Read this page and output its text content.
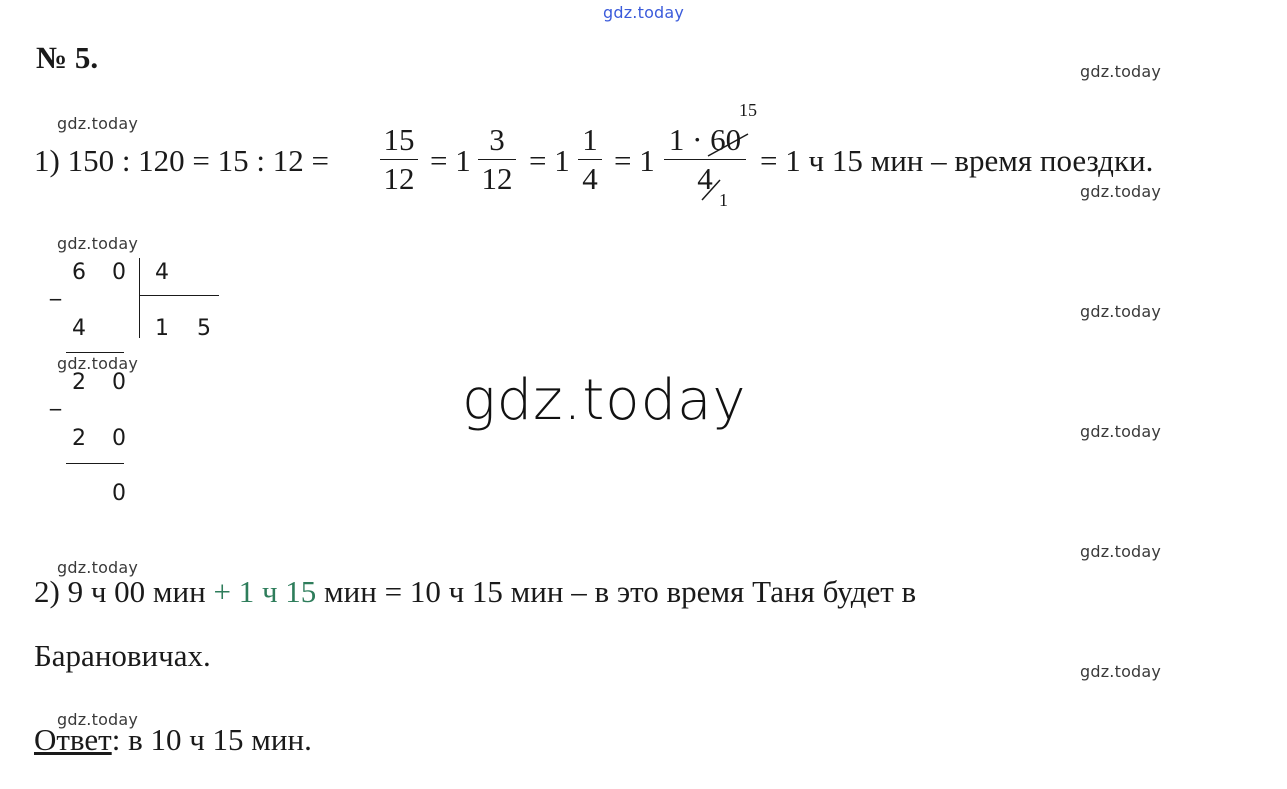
gdz.today
gdz.today
gdz.today
gdz.today
gdz.today
gdz.today
gdz.today
gdz.today
gdz.today
gdz.today
gdz.today
gdz.today
gdz.today
№ 5.
1) 150 : 120 = 15 : 12 =
15
12
= 1
3
12
= 1
1
4
= 1
1 · 60
4
15
1
= 1 ч 15 мин – время поездки.
6 0 4
_
4	1 5
2 0
_
2 0
0
2) 9 ч 00 мин + 1 ч 15 мин = 10 ч 15 мин – в это время Таня будет в
Барановичах.
Ответ: в 10 ч 15 мин.
